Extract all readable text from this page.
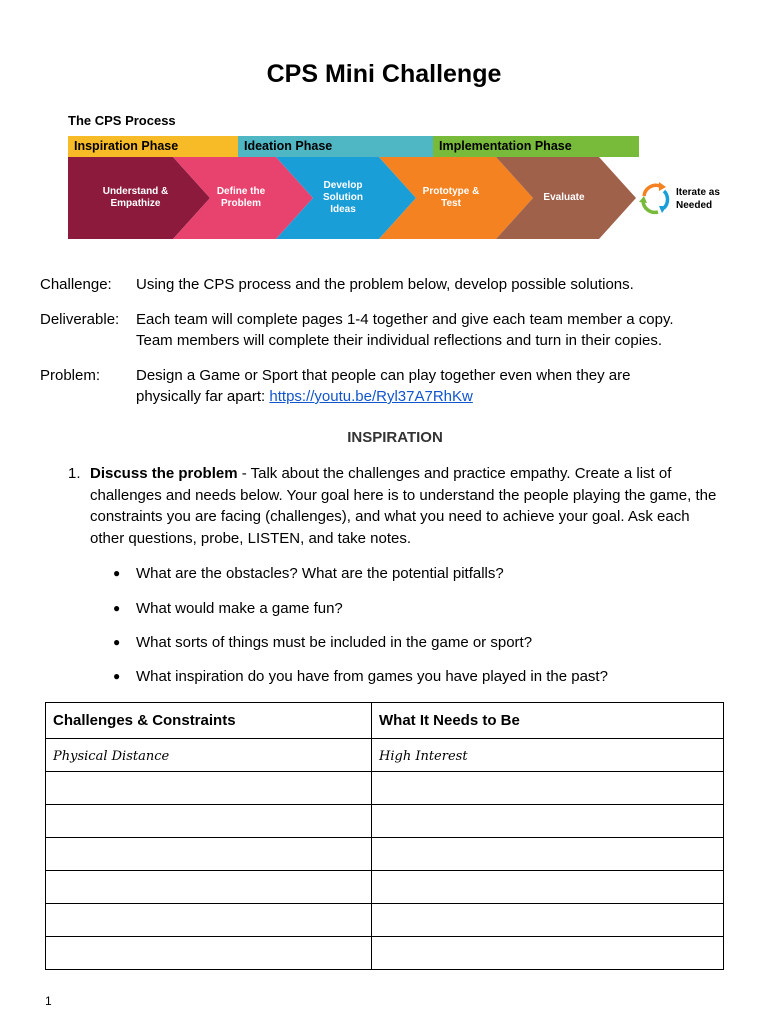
CPS Mini Challenge
The CPS Process
Inspiration Phase	Ideation Phase	Implementation Phase
Understand & Empathize
Define the Problem
Develop Solution Ideas
Prototype & Test
Evaluate	Iterate as Needed
Challenge:	Using the CPS process and the problem below, develop possible solutions.
Deliverable:	Each team will complete pages 1-4 together and give each team member a copy.
Team members will complete their individual reflections and turn in their copies.
Problem:	Design a Game or Sport that people can play together even when they are
physically far apart: https://youtu.be/Ryl37A7RhKw
INSPIRATION
1. Discuss the problem - Talk about the challenges and practice empathy. Create a list of challenges and needs below. Your goal here is to understand the people playing the game, the constraints you are facing (challenges), and what you need to achieve your goal. Ask each other questions, probe, LISTEN, and take notes.
● What are the obstacles? What are the potential pitfalls?
● What would make a game fun?
● What sorts of things must be included in the game or sport?
● What inspiration do you have from games you have played in the past?
Challenges & Constraints	What It Needs to Be
Physical Distance	High Interest

1
